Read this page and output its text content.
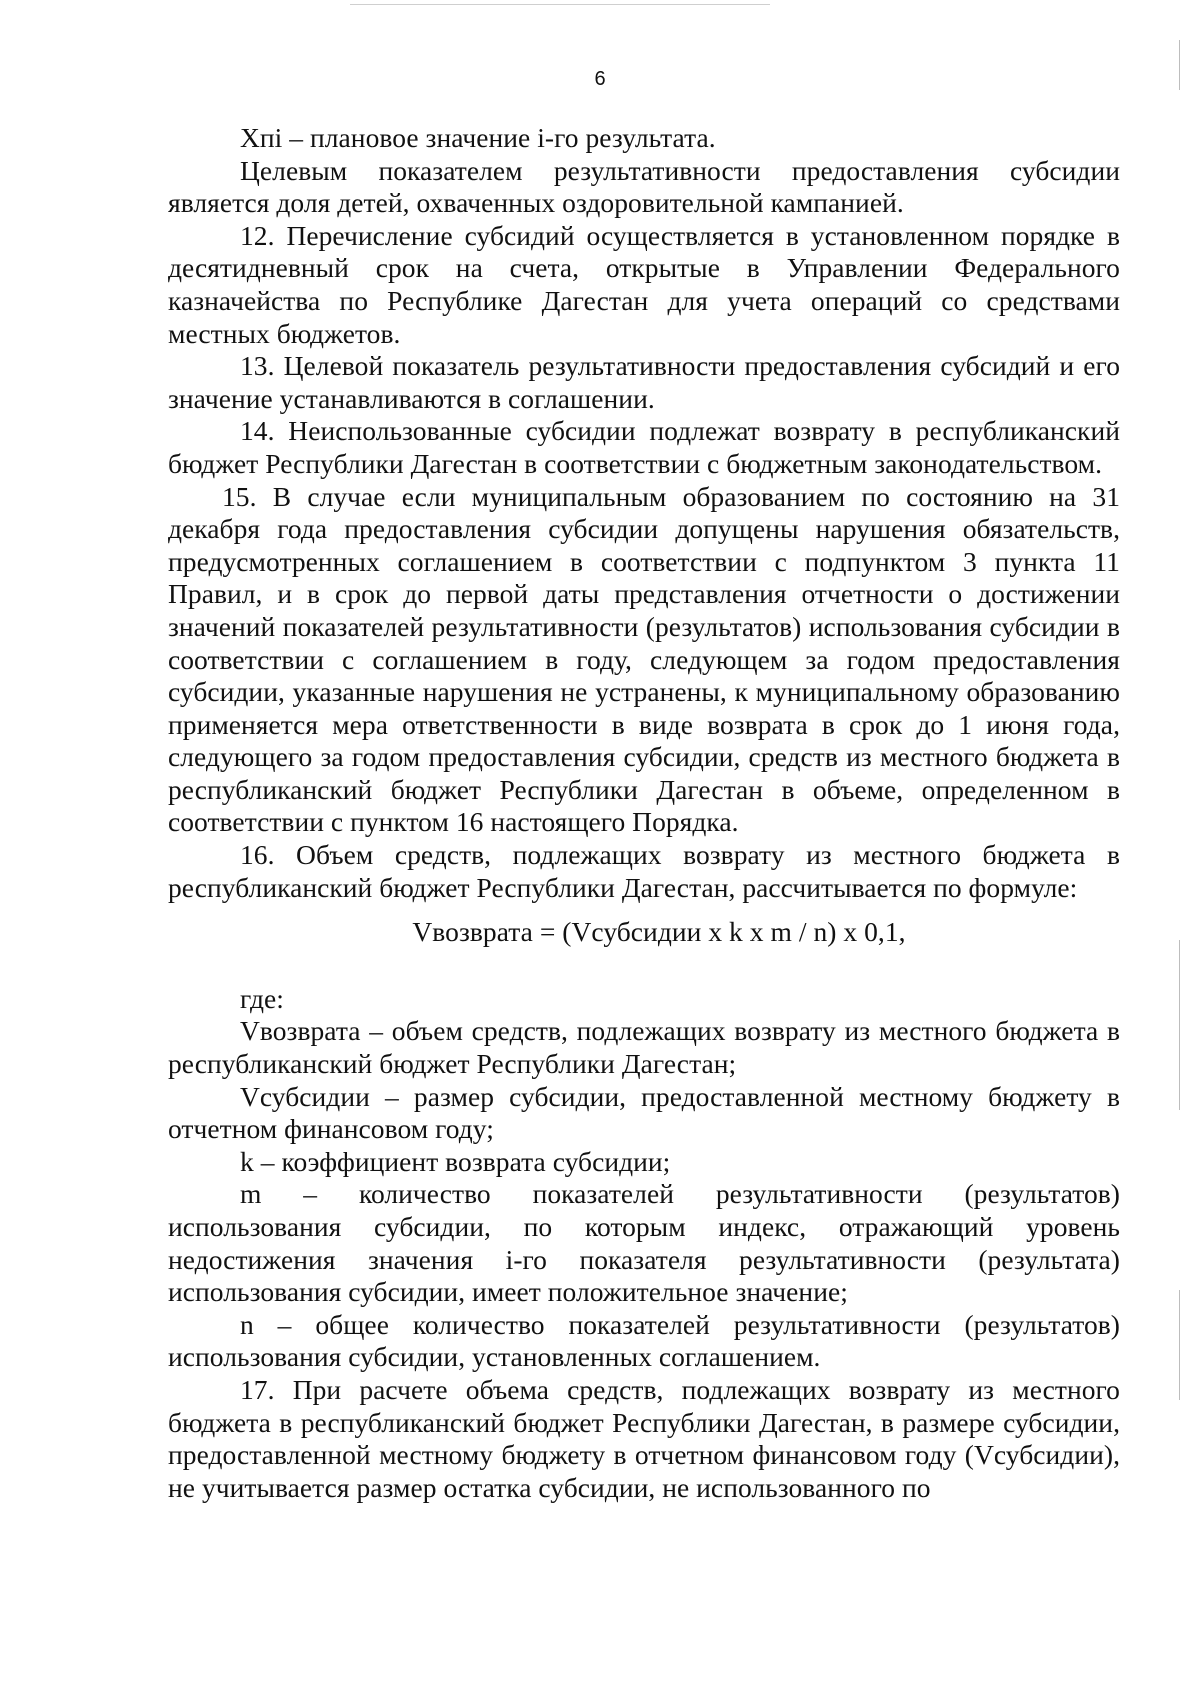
6

Xпi – плановое значение i-го результата.

Целевым показателем результативности предоставления субсидии является доля детей, охваченных оздоровительной кампанией.

12. Перечисление субсидий осуществляется в установленном порядке в десятидневный срок на счета, открытые в Управлении Федерального казначейства по Республике Дагестан для учета операций со средствами местных бюджетов.

13. Целевой показатель результативности предоставления субсидий и его значение устанавливаются в соглашении.

14. Неиспользованные субсидии подлежат возврату в республиканский бюджет Республики Дагестан в соответствии с бюджетным законодательством.

15. В случае если муниципальным образованием по состоянию на 31 декабря года предоставления субсидии допущены нарушения обязательств, предусмотренных соглашением в соответствии с подпунктом 3 пункта 11 Правил, и в срок до первой даты представления отчетности о достижении значений показателей результативности (результатов) использования субсидии в соответствии с соглашением в году, следующем за годом предоставления субсидии, указанные нарушения не устранены, к муниципальному образованию применяется мера ответственности в виде возврата в срок до 1 июня года, следующего за годом предоставления субсидии, средств из местного бюджета в республиканский бюджет Республики Дагестан в объеме, определенном в соответствии с пунктом 16 настоящего Порядка.

16. Объем средств, подлежащих возврату из местного бюджета в республиканский бюджет Республики Дагестан, рассчитывается по формуле:

Vвозврата = (Vсубсидии x k x m / n) x 0,1,

где:

Vвозврата – объем средств, подлежащих возврату из местного бюджета в республиканский бюджет Республики Дагестан;

Vсубсидии – размер субсидии, предоставленной местному бюджету в отчетном финансовом году;

k – коэффициент возврата субсидии;

m – количество показателей результативности (результатов) использования субсидии, по которым индекс, отражающий уровень недостижения значения i-го показателя результативности (результата) использования субсидии, имеет положительное значение;

n – общее количество показателей результативности (результатов) использования субсидии, установленных соглашением.

17. При расчете объема средств, подлежащих возврату из местного бюджета в республиканский бюджет Республики Дагестан, в размере субсидии, предоставленной местному бюджету в отчетном финансовом году (Vсубсидии), не учитывается размер остатка субсидии, не использованного по
